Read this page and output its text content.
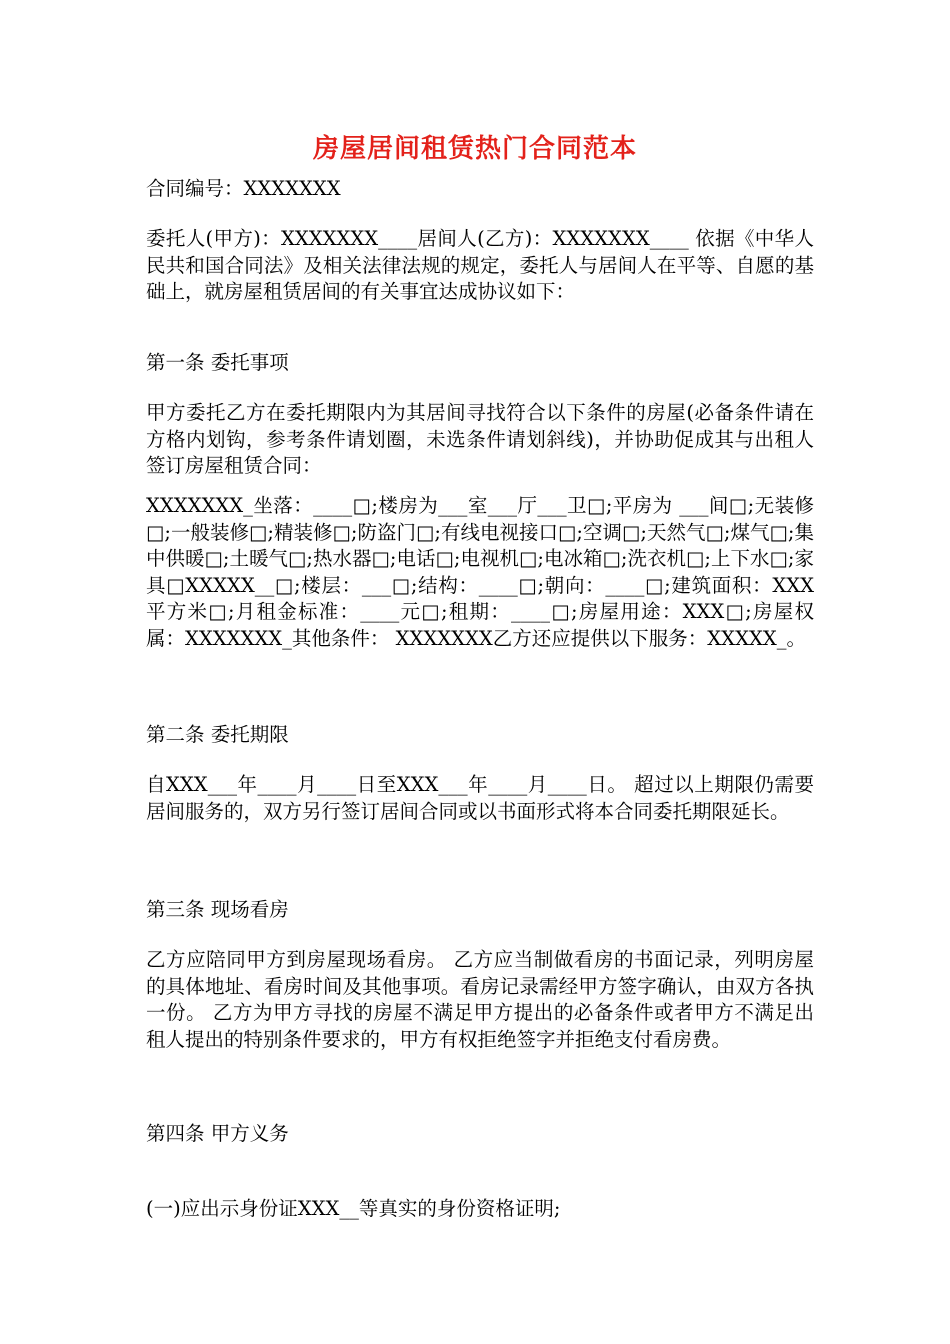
房屋居间租赁热门合同范本
合同编号：XXXXXXX
委托人(甲方)：XXXXXXX____居间人(乙方)：XXXXXXX____ 依据《中华人民共和国合同法》及相关法律法规的规定，委托人与居间人在平等、自愿的基础上，就房屋租赁居间的有关事宜达成协议如下：
第一条 委托事项
甲方委托乙方在委托期限内为其居间寻找符合以下条件的房屋(必备条件请在方格内划钩，参考条件请划圈，未选条件请划斜线)，并协助促成其与出租人签订房屋租赁合同：
XXXXXXX_坐落：____□;楼房为___室___厅___卫□;平房为 ___间□;无装修□;一般装修□;精装修□;防盗门□;有线电视接口□;空调□;天然气□;煤气□;集中供暖□;土暖气□;热水器□;电话□;电视机□;电冰箱□;洗衣机□;上下水□;家具□XXXXX__□;楼层：___□;结构：____□;朝向：____□;建筑面积：XXX平方米□;月租金标准：____元□;租期：____□;房屋用途：XXX□;房屋权属：XXXXXXX_其他条件： XXXXXXX乙方还应提供以下服务：XXXXX_。
第二条 委托期限
自XXX___年____月____日至XXX___年____月____日。 超过以上期限仍需要居间服务的，双方另行签订居间合同或以书面形式将本合同委托期限延长。
第三条 现场看房
乙方应陪同甲方到房屋现场看房。 乙方应当制做看房的书面记录，列明房屋的具体地址、看房时间及其他事项。看房记录需经甲方签字确认，由双方各执一份。 乙方为甲方寻找的房屋不满足甲方提出的必备条件或者甲方不满足出租人提出的特别条件要求的，甲方有权拒绝签字并拒绝支付看房费。
第四条 甲方义务
(一)应出示身份证XXX__等真实的身份资格证明;
